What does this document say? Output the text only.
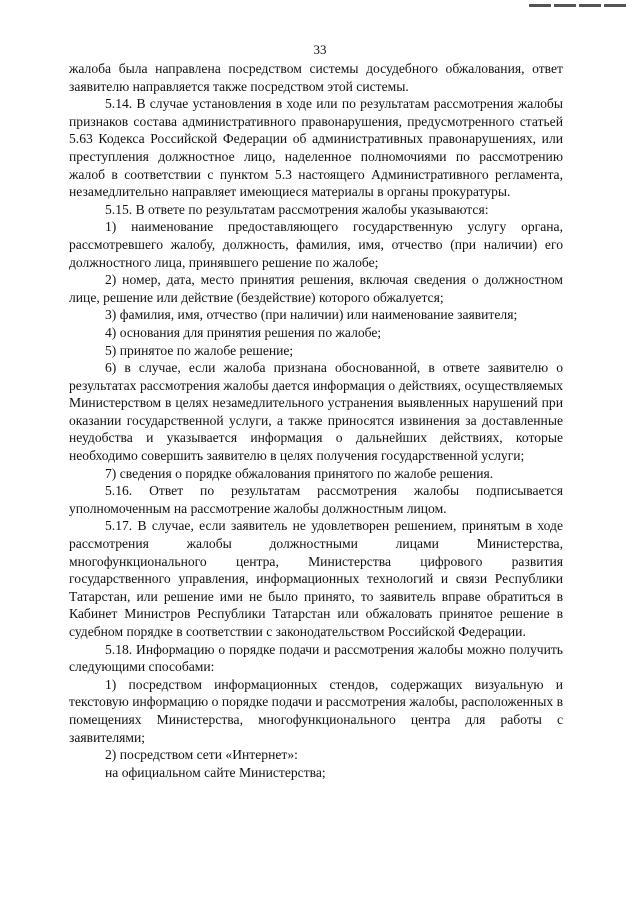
33

жалоба была направлена посредством системы досудебного обжалования, ответ заявителю направляется также посредством этой системы.

5.14. В случае установления в ходе или по результатам рассмотрения жалобы признаков состава административного правонарушения, предусмотренного статьей 5.63 Кодекса Российской Федерации об административных правонарушениях, или преступления должностное лицо, наделенное полномочиями по рассмотрению жалоб в соответствии с пунктом 5.3 настоящего Административного регламента, незамедлительно направляет имеющиеся материалы в органы прокуратуры.

5.15. В ответе по результатам рассмотрения жалобы указываются:

1) наименование предоставляющего государственную услугу органа, рассмотревшего жалобу, должность, фамилия, имя, отчество (при наличии) его должностного лица, принявшего решение по жалобе;

2) номер, дата, место принятия решения, включая сведения о должностном лице, решение или действие (бездействие) которого обжалуется;

3) фамилия, имя, отчество (при наличии) или наименование заявителя;

4) основания для принятия решения по жалобе;

5) принятое по жалобе решение;

6) в случае, если жалоба признана обоснованной, в ответе заявителю о результатах рассмотрения жалобы дается информация о действиях, осуществляемых Министерством в целях незамедлительного устранения выявленных нарушений при оказании государственной услуги, а также приносятся извинения за доставленные неудобства и указывается информация о дальнейших действиях, которые необходимо совершить заявителю в целях получения государственной услуги;

7) сведения о порядке обжалования принятого по жалобе решения.

5.16. Ответ по результатам рассмотрения жалобы подписывается уполномоченным на рассмотрение жалобы должностным лицом.

5.17. В случае, если заявитель не удовлетворен решением, принятым в ходе рассмотрения жалобы должностными лицами Министерства, многофункционального центра, Министерства цифрового развития государственного управления, информационных технологий и связи Республики Татарстан, или решение ими не было принято, то заявитель вправе обратиться в Кабинет Министров Республики Татарстан или обжаловать принятое решение в судебном порядке в соответствии с законодательством Российской Федерации.

5.18. Информацию о порядке подачи и рассмотрения жалобы можно получить следующими способами:

1) посредством информационных стендов, содержащих визуальную и текстовую информацию о порядке подачи и рассмотрения жалобы, расположенных в помещениях Министерства, многофункционального центра для работы с заявителями;

2) посредством сети «Интернет»:

на официальном сайте Министерства;
